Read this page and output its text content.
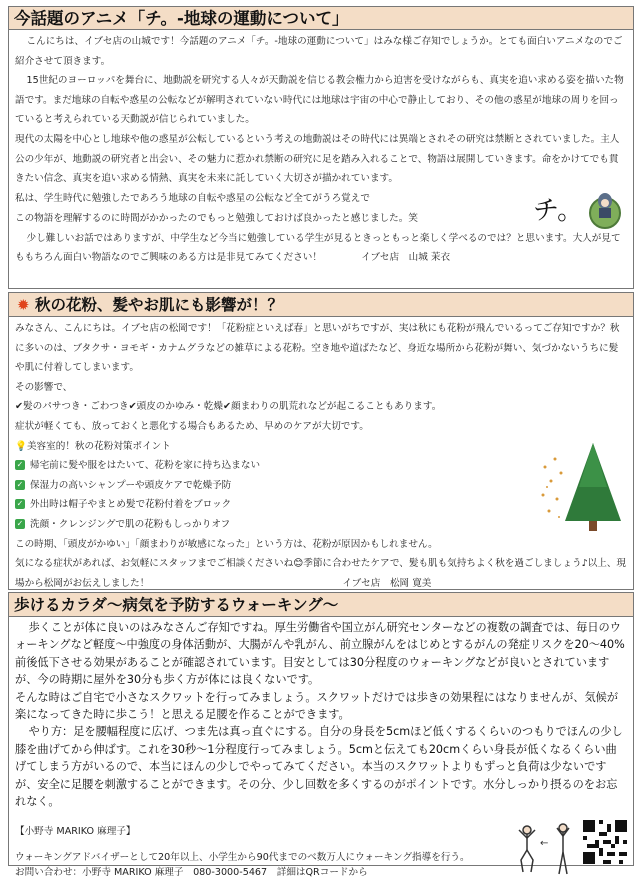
今話題のアニメ「チ。-地球の運動について」
こんにちは、イブセ店の山城です！今話題のアニメ「チ。-地球の運動について」はみな様ご存知でしょうか。とても面白いアニメなのでご紹介させて頂きます。
15世紀のヨーロッパを舞台に、地動説を研究する人々が天動説を信じる教会権力から迫害を受けながらも、真実を追い求める姿を描いた物語です。まだ地球の自転や惑星の公転などが解明されていない時代には地球は宇宙の中心で静止しており、その他の惑星が地球の周りを回っていると考えられている天動説が信じられていました。
現代の太陽を中心とし地球や他の惑星が公転しているという考えの地動説はその時代には異端とされその研究は禁断とされていました。主人公の少年が、地動説の研究者と出会い、その魅力に惹かれ禁断の研究に足を踏み入れることで、物語は展開していきます。命をかけてでも貫きたい信念、真実を追い求める情熱、真実を未来に託していく大切さが描かれています。
私は、学生時代に勉強したであろう地球の自転や惑星の公転など全てがうろ覚えで
この物語を理解するのに時間がかかったのでもっと勉強しておけば良かったと感じました。笑	チ。
少し難しいお話ではありますが、中学生など今当に勉強している学生が見るときっともっと楽しく学べるのでは？と思います。大人が見てももちろん面白い物語なのでご興味のある方は是非見てみてください！	イブセ店　山城 茉衣
✹ 秋の花粉、髪やお肌にも影響が！？
みなさん、こんにちは。イブセ店の松岡です！「花粉症といえば春」と思いがちですが、実は秋にも花粉が飛んでいるってご存知ですか？秋に多いのは、ブタクサ・ヨモギ・カナムグラなどの雑草による花粉。空き地や道ばたなど、身近な場所から花粉が舞い、気づかないうちに髪や肌に付着してしまいます。
その影響で、
✔髪のパサつき・ごわつき✔頭皮のかゆみ・乾燥✔顔まわりの肌荒れなどが起こることもあります。
症状が軽くても、放っておくと悪化する場合もあるため、早めのケアが大切です。
💡美容室的！秋の花粉対策ポイント
✓ 帰宅前に髪や服をはたいて、花粉を家に持ち込まない
✓ 保湿力の高いシャンプーや頭皮ケアで乾燥予防
✓ 外出時は帽子やまとめ髪で花粉付着をブロック
✓ 洗顔・クレンジングで肌の花粉もしっかりオフ
この時期、「頭皮がかゆい」「顔まわりが敏感になった」という方は、花粉が原因かもしれません。
気になる症状があれば、お気軽にスタッフまでご相談くださいね😊季節に合わせたケアで、髪も肌も気持ちよく秋を過ごしましょう♪以上、現場から松岡がお伝えしました！	イブセ店　松岡 寛美
歩けるカラダ～病気を予防するウォーキング～
歩くことが体に良いのはみなさんご存知ですね。厚生労働省や国立がん研究センターなどの複数の調査では、毎日のウォーキングなど軽度～中強度の身体活動が、大腸がんや乳がん、前立腺がんをはじめとするがんの発症リスクを20～40%前後低下させる効果があることが確認されています。目安としては30分程度のウォーキングなどが良いとされていますが、今の時期に屋外を30分も歩く方が体には良くないです。
そんな時はご自宅で小さなスクワットを行ってみましょう。スクワットだけでは歩きの効果程にはなりませんが、気候が楽になってきた時に歩こう！と思える足腰を作ることができます。
やり方：足を腰幅程度に広げ、つま先は真っ直ぐにする。自分の身長を5cmほど低くするくらいのつもりでほんの少し膝を曲げてから伸ばす。これを30秒～1分程度行ってみましょう。5cmと伝えても20cmくらい身長が低くなるくらい曲げてしまう方がいるので、本当にほんの少しでやってみてください。本当のスクワットよりもずっと負荷は少ないですが、安全に足腰を刺激することができます。その分、少し回数を多くするのがポイントです。水分しっかり摂るのをお忘れなく。
【小野寺 MARIKO 麻理子】
ウォーキングアドバイザーとして20年以上、小学生から90代までのべ数万人にウォーキング指導を行う。
お問い合わせ：小野寺 MARIKO 麻理子　080-3000-5467　詳細はQRコードから
←
